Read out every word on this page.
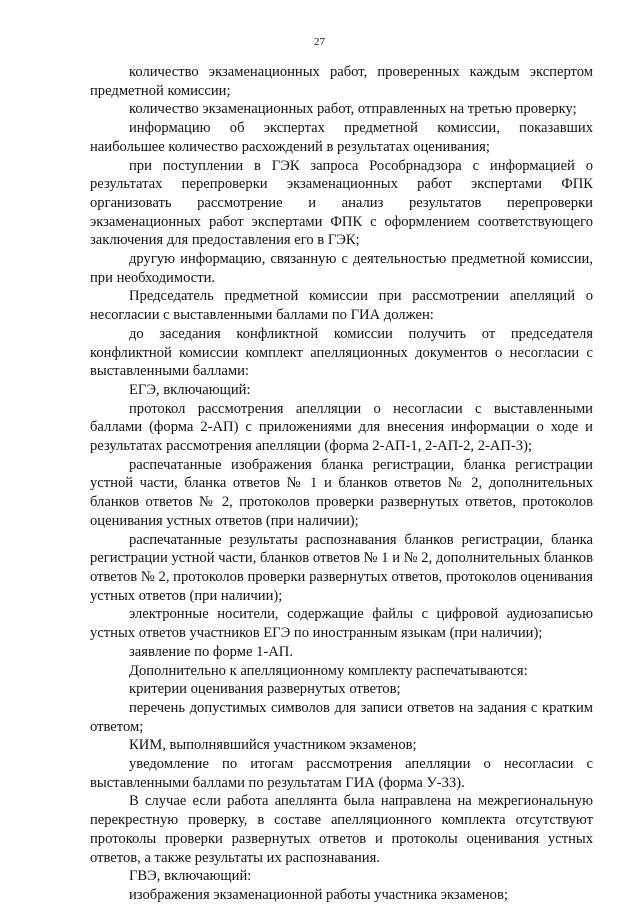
27

количество экзаменационных работ, проверенных каждым экспертом предметной комиссии;

количество экзаменационных работ, отправленных на третью проверку;

информацию об экспертах предметной комиссии, показавших наибольшее количество расхождений в результатах оценивания;

при поступлении в ГЭК запроса Рособрнадзора с информацией о результатах перепроверки экзаменационных работ экспертами ФПК организовать рассмотрение и анализ результатов перепроверки экзаменационных работ экспертами ФПК с оформлением соответствующего заключения для предоставления его в ГЭК;

другую информацию, связанную с деятельностью предметной комиссии, при необходимости.

Председатель предметной комиссии при рассмотрении апелляций о несогласии с выставленными баллами по ГИА должен:

до заседания конфликтной комиссии получить от председателя конфликтной комиссии комплект апелляционных документов о несогласии с выставленными баллами:

ЕГЭ, включающий:

протокол рассмотрения апелляции о несогласии с выставленными баллами (форма 2-АП) с приложениями для внесения информации о ходе и результатах рассмотрения апелляции (форма 2-АП-1, 2-АП-2, 2-АП-3);

распечатанные изображения бланка регистрации, бланка регистрации устной части, бланка ответов № 1 и бланков ответов № 2, дополнительных бланков ответов № 2, протоколов проверки развернутых ответов, протоколов оценивания устных ответов (при наличии);

распечатанные результаты распознавания бланков регистрации, бланка регистрации устной части, бланков ответов № 1 и № 2, дополнительных бланков ответов № 2, протоколов проверки развернутых ответов, протоколов оценивания устных ответов (при наличии);

электронные носители, содержащие файлы с цифровой аудиозаписью устных ответов участников ЕГЭ по иностранным языкам (при наличии);

заявление по форме 1-АП.

Дополнительно к апелляционному комплекту распечатываются:

критерии оценивания развернутых ответов;

перечень допустимых символов для записи ответов на задания с кратким ответом;

КИМ, выполнявшийся участником экзаменов;

уведомление по итогам рассмотрения апелляции о несогласии с выставленными баллами по результатам ГИА (форма У-33).

В случае если работа апеллянта была направлена на межрегиональную перекрестную проверку, в составе апелляционного комплекта отсутствуют протоколы проверки развернутых ответов и протоколы оценивания устных ответов, а также результаты их распознавания.

ГВЭ, включающий:

изображения экзаменационной работы участника экзаменов;
